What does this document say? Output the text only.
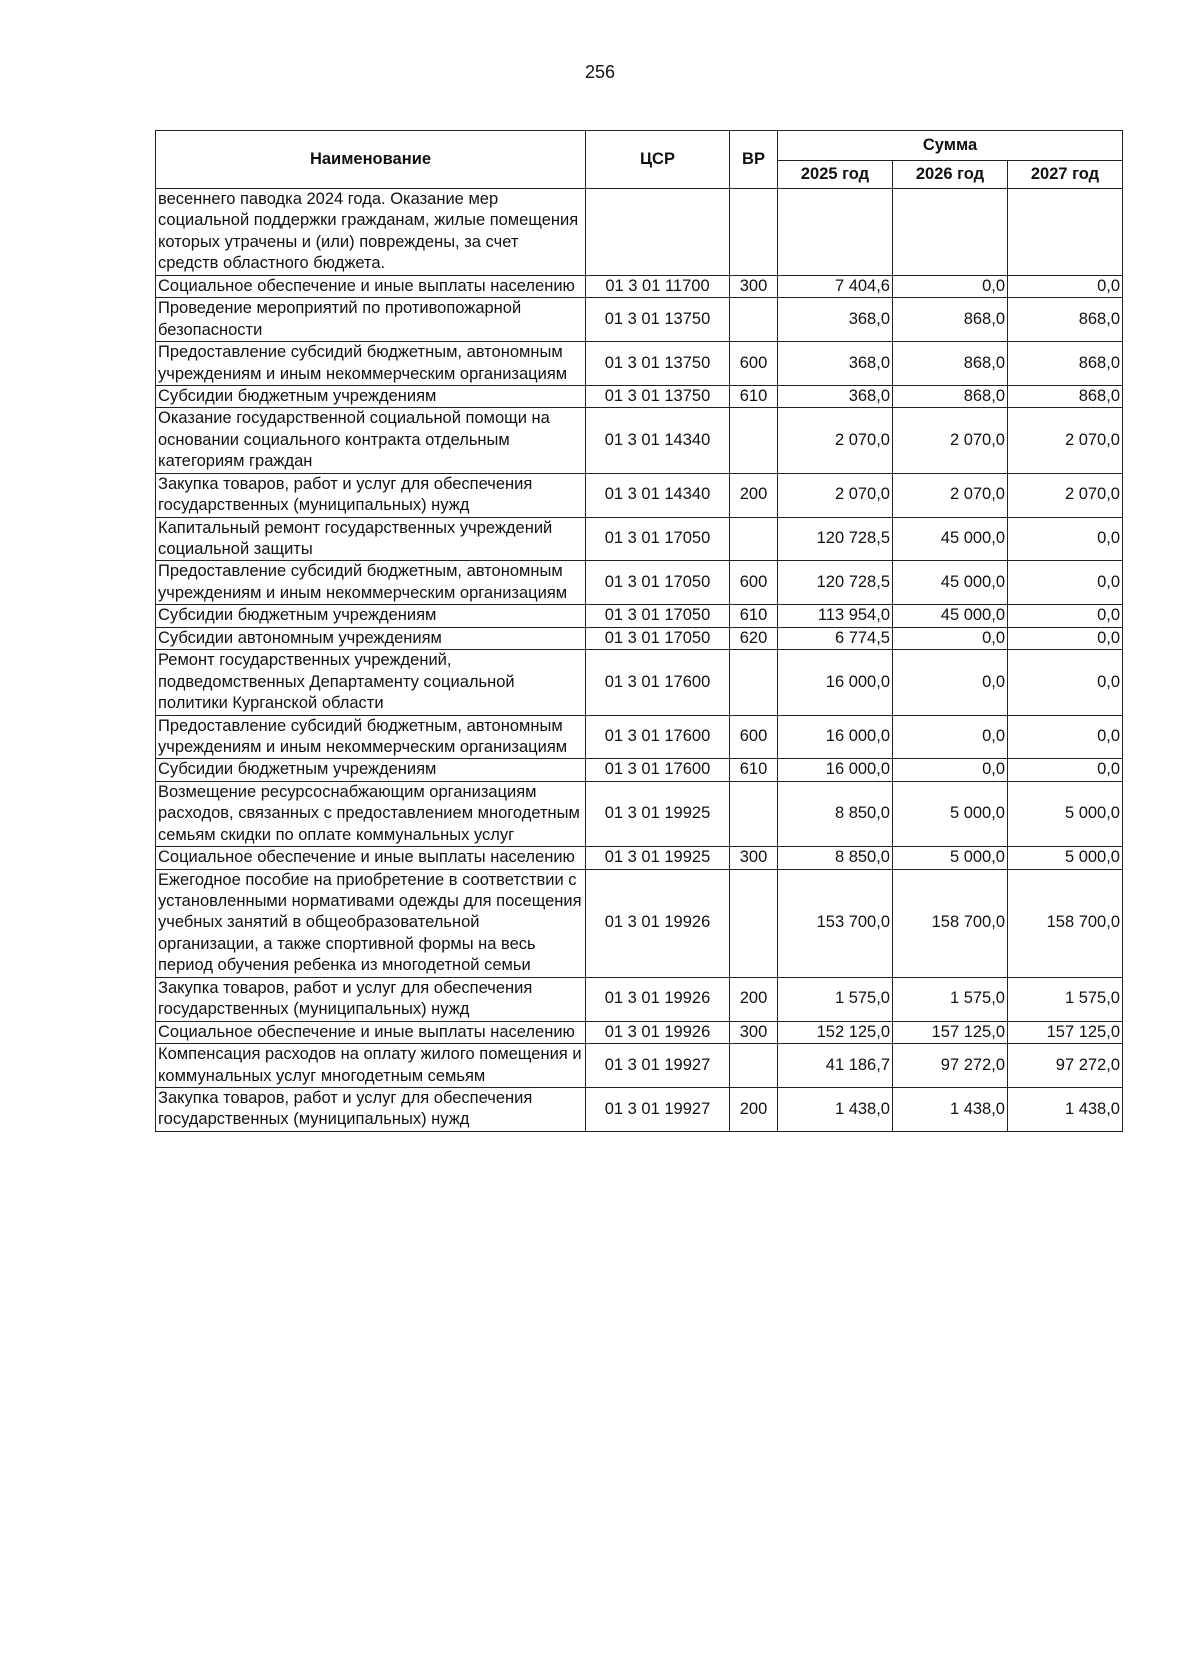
256
Наименование	ЦСР	ВР	Сумма		
			2025 год	2026 год	2027 год
весеннего паводка 2024 года. Оказание мер социальной поддержки гражданам, жилые помещения которых утрачены и (или) повреждены, за счет средств областного бюджета.					
Социальное обеспечение и иные выплаты населению	01 3 01 11700	300	7 404,6	0,0	0,0
Проведение мероприятий по противопожарной безопасности	01 3 01 13750		368,0	868,0	868,0
Предоставление субсидий бюджетным, автономным учреждениям и иным некоммерческим организациям	01 3 01 13750	600	368,0	868,0	868,0
Субсидии бюджетным учреждениям	01 3 01 13750	610	368,0	868,0	868,0
Оказание государственной социальной помощи на основании социального контракта отдельным категориям граждан	01 3 01 14340		2 070,0	2 070,0	2 070,0
Закупка товаров, работ и услуг для обеспечения государственных (муниципальных) нужд	01 3 01 14340	200	2 070,0	2 070,0	2 070,0
Капитальный ремонт государственных учреждений социальной защиты	01 3 01 17050		120 728,5	45 000,0	0,0
Предоставление субсидий бюджетным, автономным учреждениям и иным некоммерческим организациям	01 3 01 17050	600	120 728,5	45 000,0	0,0
Субсидии бюджетным учреждениям	01 3 01 17050	610	113 954,0	45 000,0	0,0
Субсидии автономным учреждениям	01 3 01 17050	620	6 774,5	0,0	0,0
Ремонт государственных учреждений, подведомственных Департаменту социальной политики Курганской области	01 3 01 17600		16 000,0	0,0	0,0
Предоставление субсидий бюджетным, автономным учреждениям и иным некоммерческим организациям	01 3 01 17600	600	16 000,0	0,0	0,0
Субсидии бюджетным учреждениям	01 3 01 17600	610	16 000,0	0,0	0,0
Возмещение ресурсоснабжающим организациям расходов, связанных с предоставлением многодетным семьям скидки по оплате коммунальных услуг	01 3 01 19925		8 850,0	5 000,0	5 000,0
Социальное обеспечение и иные выплаты населению	01 3 01 19925	300	8 850,0	5 000,0	5 000,0
Ежегодное пособие на приобретение в соответствии с установленными нормативами одежды для посещения учебных занятий в общеобразовательной организации, а также спортивной формы на весь период обучения ребенка из многодетной семьи	01 3 01 19926		153 700,0	158 700,0	158 700,0
Закупка товаров, работ и услуг для обеспечения государственных (муниципальных) нужд	01 3 01 19926	200	1 575,0	1 575,0	1 575,0
Социальное обеспечение и иные выплаты населению	01 3 01 19926	300	152 125,0	157 125,0	157 125,0
Компенсация расходов на оплату жилого помещения и коммунальных услуг многодетным семьям	01 3 01 19927		41 186,7	97 272,0	97 272,0
Закупка товаров, работ и услуг для обеспечения государственных (муниципальных) нужд	01 3 01 19927	200	1 438,0	1 438,0	1 438,0
